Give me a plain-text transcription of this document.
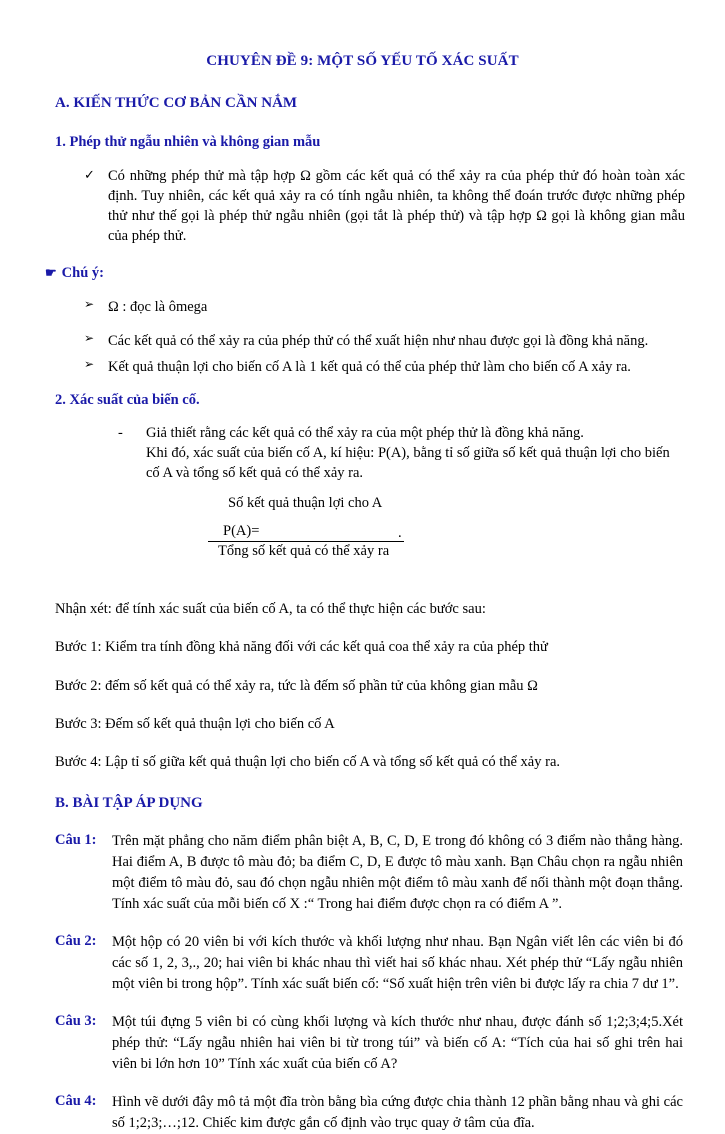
CHUYÊN ĐỀ 9: MỘT SỐ YẾU TỐ XÁC SUẤT
A. KIẾN THỨC CƠ BẢN CẦN NẮM
1. Phép thử ngẫu nhiên và không gian mẫu
✓ Có những phép thử mà tập hợp Ω gồm các kết quả có thể xảy ra của phép thử đó hoàn toàn xác định. Tuy nhiên, các kết quả xảy ra có tính ngẫu nhiên, ta không thể đoán trước được những phép thử như thế gọi là phép thử ngẫu nhiên (gọi tắt là phép thử) và tập hợp Ω gọi là không gian mẫu của phép thử.
☛ Chú ý:
➢ Ω : đọc là ômega
➢ Các kết quả có thể xảy ra của phép thử có thể xuất hiện như nhau được gọi là đồng khả năng.
➢ Kết quả thuận lợi cho biến cố A là 1 kết quả có thể của phép thử làm cho biến cố A xảy ra.
2. Xác suất của biến cố.
-	Giả thiết rằng các kết quả có thể xảy ra của một phép thử là đồng khả năng.

Khi đó, xác suất của biến cố A, kí hiệu: P(A), bằng tỉ số giữa số kết quả thuận lợi cho biến

cố A và tổng số kết quả có thể xảy ra.

Số kết quả thuận lợi cho A
P(A)=	.
Tổng số kết quả có thể xảy ra
Nhận xét: để tính xác suất của biến cố A, ta có thể thực hiện các bước sau:
Bước 1: Kiểm tra tính đồng khả năng đối với các kết quả coa thể xảy ra của phép thử
Bước 2: đếm số kết quả có thể xảy ra, tức là đếm số phần tử của không gian mẫu Ω
Bước 3: Đếm số kết quả thuận lợi cho biến cố A
Bước 4: Lập tỉ số giữa kết quả thuận lợi cho biến cố A và tổng số kết quả có thể xảy ra.
B. BÀI TẬP ÁP DỤNG
Câu 1:	Trên mặt phẳng cho năm điểm phân biệt A, B, C, D, E trong đó không có 3 điểm nào thẳng hàng. Hai điểm A, B được tô màu đỏ; ba điểm C, D, E được tô màu xanh. Bạn Châu chọn ra ngẫu nhiên một điểm tô màu đỏ, sau đó chọn ngẫu nhiên một điểm tô màu xanh để nối thành một đoạn thẳng. Tính xác suất của mỗi biến cố X :“ Trong hai điểm được chọn ra có điểm A ”.
Câu 2:	Một hộp có 20 viên bi với kích thước và khối lượng như nhau. Bạn Ngân viết lên các viên bi đó các số 1, 2, 3,., 20; hai viên bi khác nhau thì viết hai số khác nhau. Xét phép thử “Lấy ngẫu nhiên một viên bi trong hộp”. Tính xác suất biến cố: “Số xuất hiện trên viên bi được lấy ra chia 7 dư 1”.
Câu 3:	Một túi đựng 5 viên bi có cùng khối lượng và kích thước như nhau, được đánh số 1;2;3;4;5.Xét phép thử: “Lấy ngẫu nhiên hai viên bi từ trong túi” và biến cố A: “Tích của hai số ghi trên hai viên bi lớn hơn 10” Tính xác xuất của biến cố A?
Câu 4:	Hình vẽ dưới đây mô tả một đĩa tròn bằng bìa cứng được chia thành 12 phần bằng nhau và ghi các số 1;2;3;…;12. Chiếc kim được gắn cố định vào trục quay ở tâm của đĩa.
